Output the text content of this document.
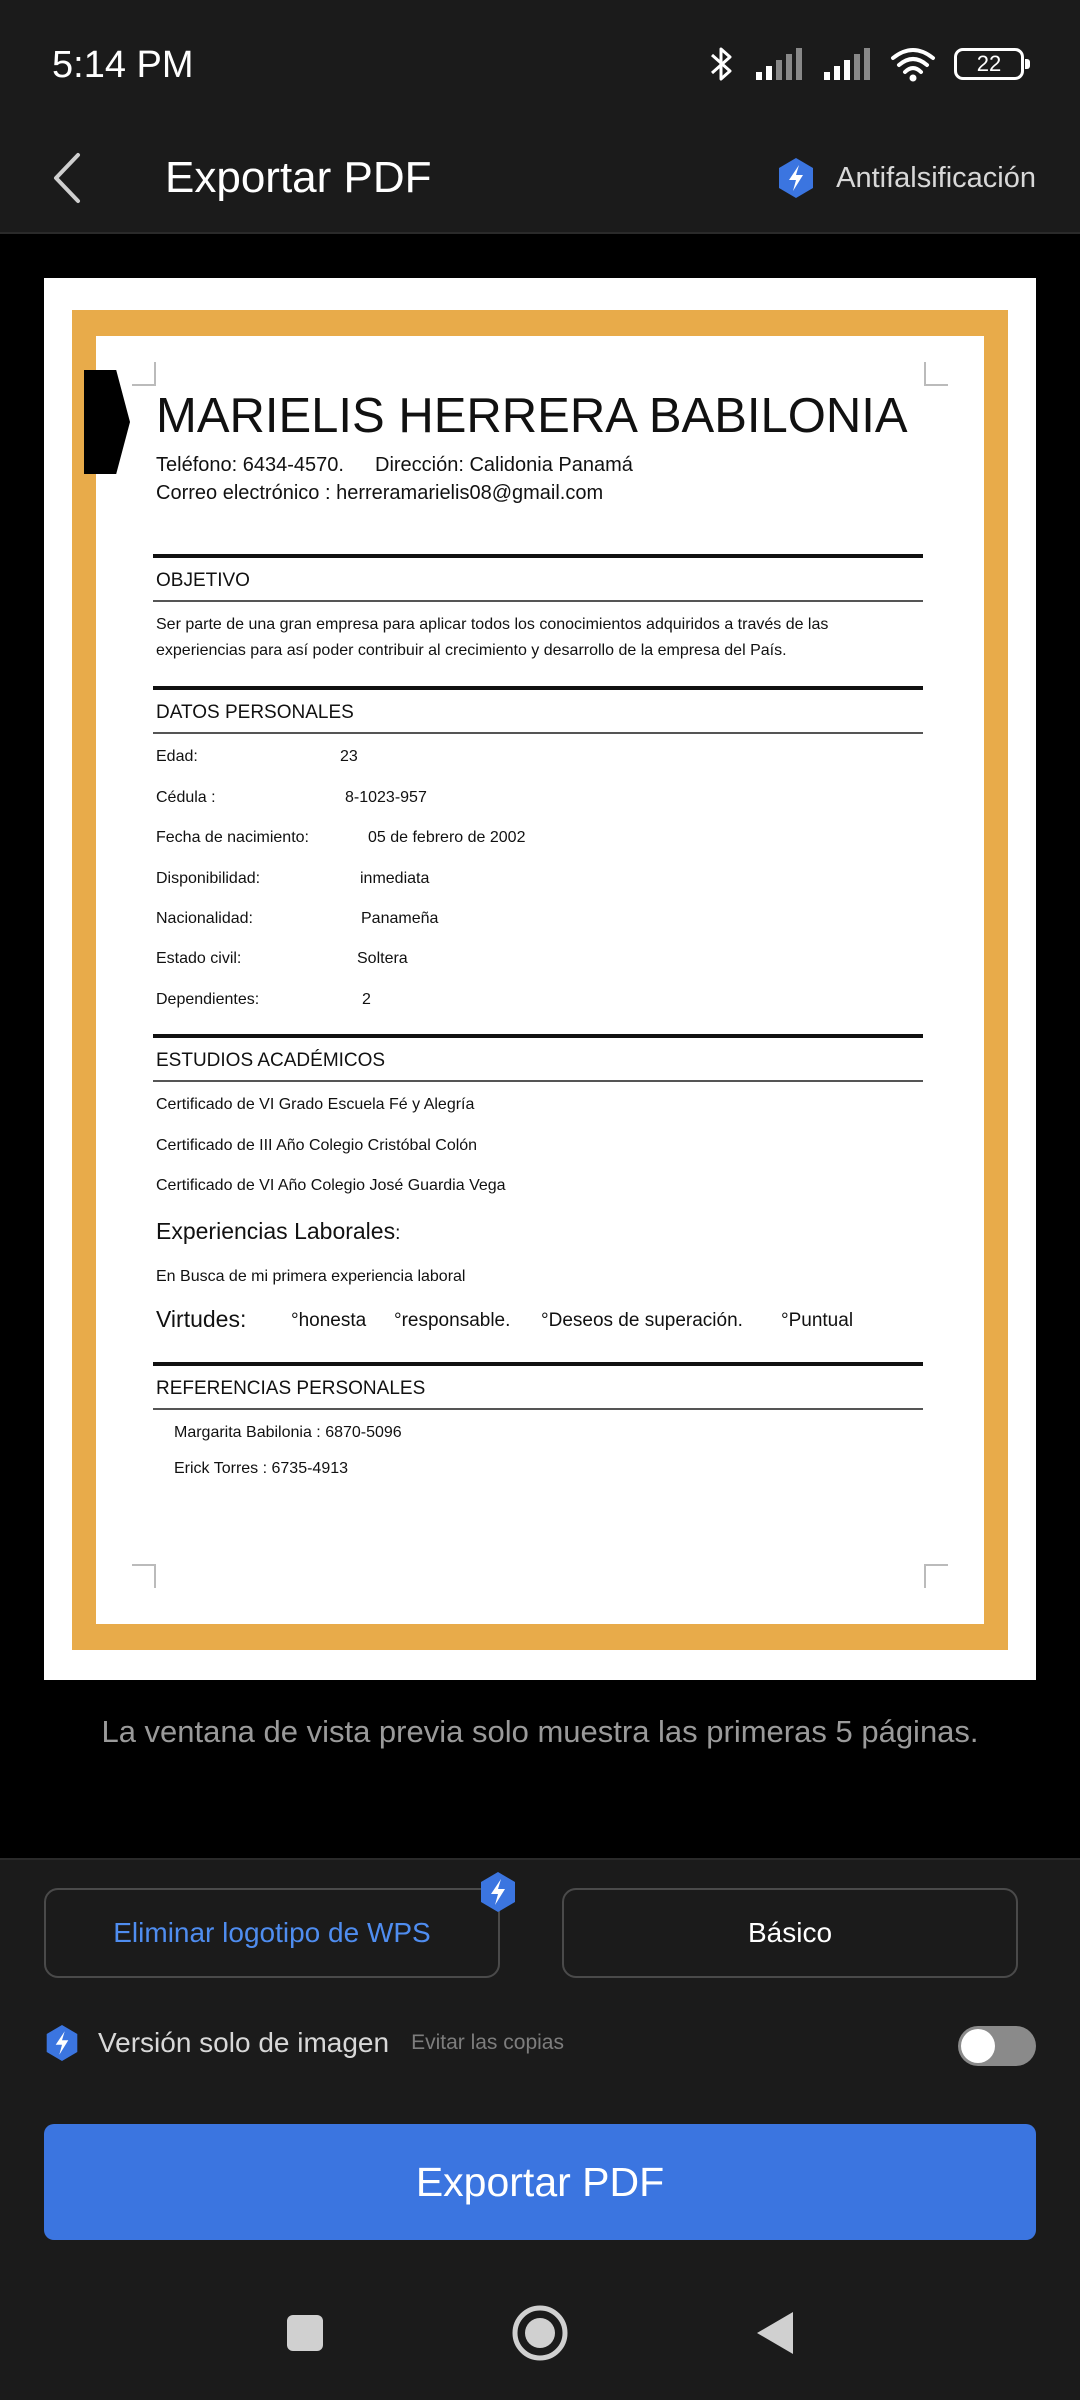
5:14 PM	22
Exportar PDF	Antifalsificación
MARIELIS HERRERA BABILONIA
Teléfono: 6434-4570. Dirección: Calidonia Panamá
Correo electrónico : herreramarielis08@gmail.com
OBJETIVO
Ser parte de una gran empresa para aplicar todos los conocimientos adquiridos a través de las experiencias para así poder contribuir al crecimiento y desarrollo de la empresa del País.
DATOS PERSONALES
Edad:	23
Cédula :	8-1023-957
Fecha de nacimiento:	05 de febrero de 2002
Disponibilidad:	inmediata
Nacionalidad:	Panameña
Estado civil:	Soltera
Dependientes:	2
ESTUDIOS ACADÉMICOS
Certificado de VI Grado Escuela Fé y Alegría
Certificado de III Año Colegio Cristóbal Colón
Certificado de VI Año Colegio José Guardia Vega
Experiencias Laborales:
En Busca de mi primera experiencia laboral
Virtudes: °honesta °responsable. °Deseos de superación. °Puntual
REFERENCIAS PERSONALES
Margarita Babilonia : 6870-5096
Erick Torres : 6735-4913
La ventana de vista previa solo muestra las primeras 5 páginas.
Eliminar logotipo de WPS	Básico
Versión solo de imagen Evitar las copias
Exportar PDF
